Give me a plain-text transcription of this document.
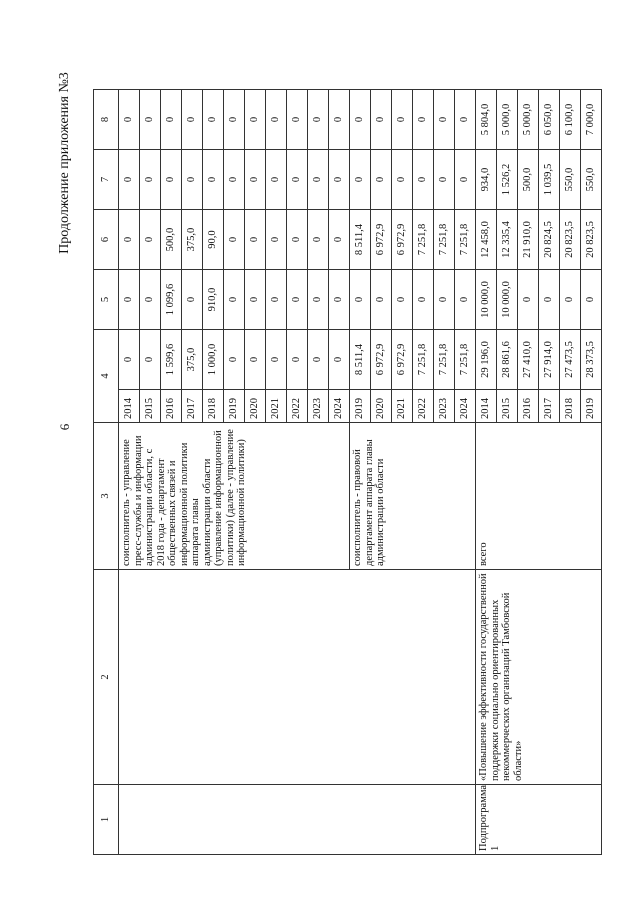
6
Продолжение приложения №3
1	2	3	4		5	6	7	8
		соисполнитель - управление пресс-службы и информации администрации области, с 2018 года - департамент общественных связей и информационной политики аппарата главы администрации области (управление информационной политики) (далее - управление информационной политики)	2014	0	0	0	0	0
			2015	0	0	0	0	0
			2016	1 599,6	1 099,6	500,0	0	0
			2017	375,0	0	375,0	0	0
			2018	1 000,0	910,0	90,0	0	0
			2019	0	0	0	0	0
			2020	0	0	0	0	0
			2021	0	0	0	0	0
			2022	0	0	0	0	0
			2023	0	0	0	0	0
			2024	0	0	0	0	0
		соисполнитель - правовой департамент аппарата главы администрации области	2019	8 511,4	0	8 511,4	0	0
			2020	6 972,9	0	6 972,9	0	0
			2021	6 972,9	0	6 972,9	0	0
			2022	7 251,8	0	7 251,8	0	0
			2023	7 251,8	0	7 251,8	0	0
			2024	7 251,8	0	7 251,8	0	0
Подпрограмма 1	«Повышение эффективности государственной поддержки социально ориентированных некоммерческих организаций Тамбовской области»	всего	2014	29 196,0	10 000,0	12 458,0	934,0	5 804,0
			2015	28 861,6	10 000,0	12 335,4	1 526,2	5 000,0
			2016	27 410,0	0	21 910,0	500,0	5 000,0
			2017	27 914,0	0	20 824,5	1 039,5	6 050,0
			2018	27 473,5	0	20 823,5	550,0	6 100,0
			2019	28 373,5	0	20 823,5	550,0	7 000,0
